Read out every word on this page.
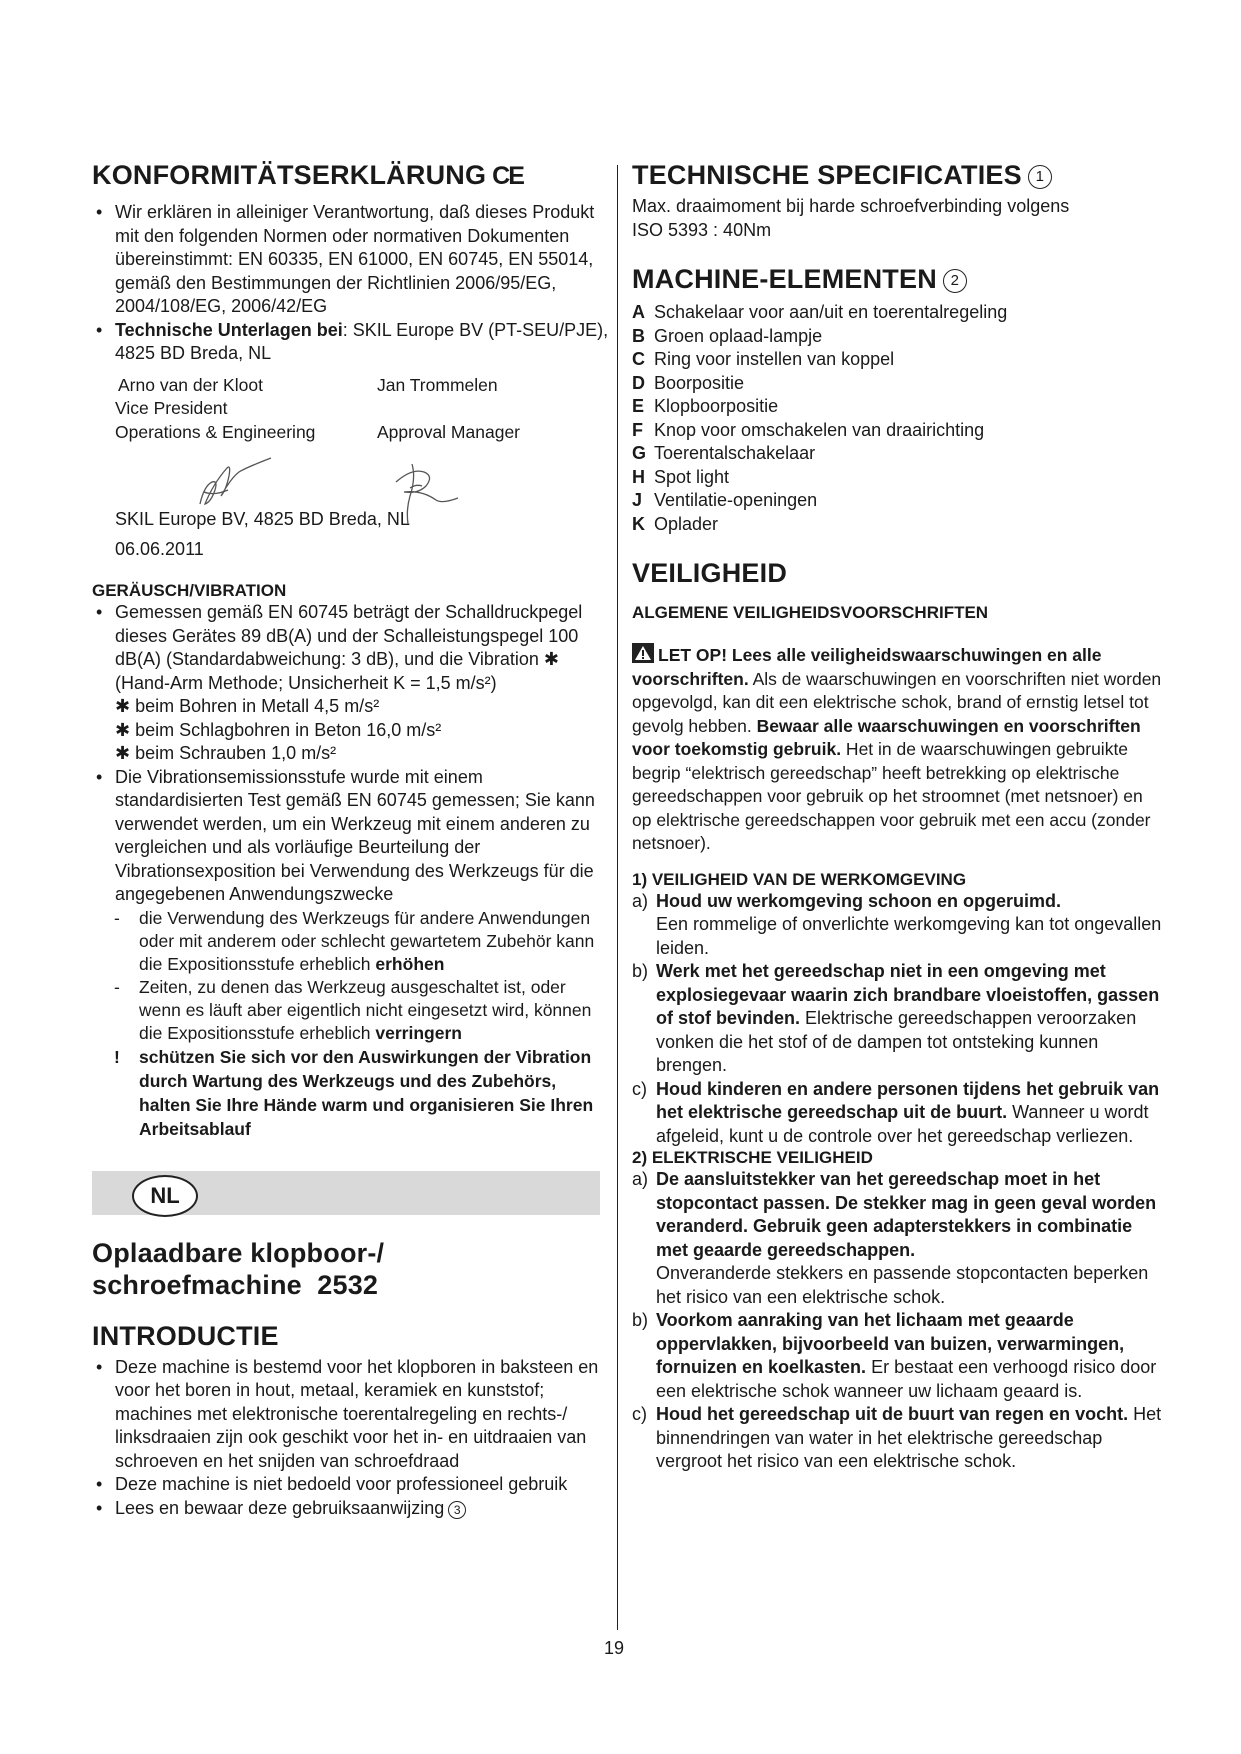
KONFORMITÄTSERKLÄRUNG CE
• Wir erklären in alleiniger Verantwortung, daß dieses Produkt mit den folgenden Normen oder normativen Dokumenten übereinstimmt: EN 60335, EN 61000, EN 60745, EN 55014, gemäß den Bestimmungen der Richtlinien 2006/95/EG, 2004/108/EG, 2006/42/EG
• Technische Unterlagen bei: SKIL Europe BV (PT-SEU/PJE), 4825 BD Breda, NL
Arno van der Kloot	Jan Trommelen
Vice President
Operations & Engineering	Approval Manager
SKIL Europe BV, 4825 BD Breda, NL
06.06.2011
GERÄUSCH/VIBRATION
• Gemessen gemäß EN 60745 beträgt der Schalldruckpegel dieses Gerätes 89 dB(A) und der Schalleistungspegel 100 dB(A) (Standardabweichung: 3 dB), und die Vibration ✱ (Hand-Arm Methode; Unsicherheit K = 1,5 m/s²)
✱ beim Bohren in Metall 4,5 m/s²
✱ beim Schlagbohren in Beton 16,0 m/s²
✱ beim Schrauben 1,0 m/s²
• Die Vibrationsemissionsstufe wurde mit einem standardisierten Test gemäß EN 60745 gemessen; Sie kann verwendet werden, um ein Werkzeug mit einem anderen zu vergleichen und als vorläufige Beurteilung der Vibrationsexposition bei Verwendung des Werkzeugs für die angegebenen Anwendungszwecke
- die Verwendung des Werkzeugs für andere Anwendungen oder mit anderem oder schlecht gewartetem Zubehör kann die Expositionsstufe erheblich erhöhen
- Zeiten, zu denen das Werkzeug ausgeschaltet ist, oder wenn es läuft aber eigentlich nicht eingesetzt wird, können die Expositionsstufe erheblich verringern
! schützen Sie sich vor den Auswirkungen der Vibration durch Wartung des Werkzeugs und des Zubehörs, halten Sie Ihre Hände warm und organisieren Sie Ihren Arbeitsablauf
NL
Oplaadbare klopboor-/
schroefmachine  2532
INTRODUCTIE
• Deze machine is bestemd voor het klopboren in baksteen en voor het boren in hout, metaal, keramiek en kunststof; machines met elektronische toerentalregeling en rechts-/ linksdraaien zijn ook geschikt voor het in- en uitdraaien van schroeven en het snijden van schroefdraad
• Deze machine is niet bedoeld voor professioneel gebruik
• Lees en bewaar deze gebruiksaanwijzing 3
TECHNISCHE SPECIFICATIES 1
Max. draaimoment bij harde schroefverbinding volgens
ISO 5393 : 40Nm
MACHINE-ELEMENTEN 2
A Schakelaar voor aan/uit en toerentalregeling
B Groen oplaad-lampje
C Ring voor instellen van koppel
D Boorpositie
E Klopboorpositie
F Knop voor omschakelen van draairichting
G Toerentalschakelaar
H Spot light
J Ventilatie-openingen
K Oplader
VEILIGHEID
ALGEMENE VEILIGHEIDSVOORSCHRIFTEN

LET OP! Lees alle veiligheidswaarschuwingen en alle voorschriften. Als de waarschuwingen en voorschriften niet worden opgevolgd, kan dit een elektrische schok, brand of ernstig letsel tot gevolg hebben. Bewaar alle waarschuwingen en voorschriften voor toekomstig gebruik. Het in de waarschuwingen gebruikte begrip “elektrisch gereedschap” heeft betrekking op elektrische gereedschappen voor gebruik op het stroomnet (met netsnoer) en op elektrische gereedschappen voor gebruik met een accu (zonder netsnoer).

1) VEILIGHEID VAN DE WERKOMGEVING
a) Houd uw werkomgeving schoon en opgeruimd.
Een rommelige of onverlichte werkomgeving kan tot ongevallen leiden.
b) Werk met het gereedschap niet in een omgeving met explosiegevaar waarin zich brandbare vloeistoffen, gassen of stof bevinden. Elektrische gereedschappen veroorzaken vonken die het stof of de dampen tot ontsteking kunnen brengen.
c) Houd kinderen en andere personen tijdens het gebruik van het elektrische gereedschap uit de buurt. Wanneer u wordt afgeleid, kunt u de controle over het gereedschap verliezen.
2) ELEKTRISCHE VEILIGHEID
a) De aansluitstekker van het gereedschap moet in het stopcontact passen. De stekker mag in geen geval worden veranderd. Gebruik geen adapterstekkers in combinatie met geaarde gereedschappen.
Onveranderde stekkers en passende stopcontacten beperken het risico van een elektrische schok.
b) Voorkom aanraking van het lichaam met geaarde oppervlakken, bijvoorbeeld van buizen, verwarmingen, fornuizen en koelkasten. Er bestaat een verhoogd risico door een elektrische schok wanneer uw lichaam geaard is.
c) Houd het gereedschap uit de buurt van regen en vocht. Het binnendringen van water in het elektrische gereedschap vergroot het risico van een elektrische schok.
19
